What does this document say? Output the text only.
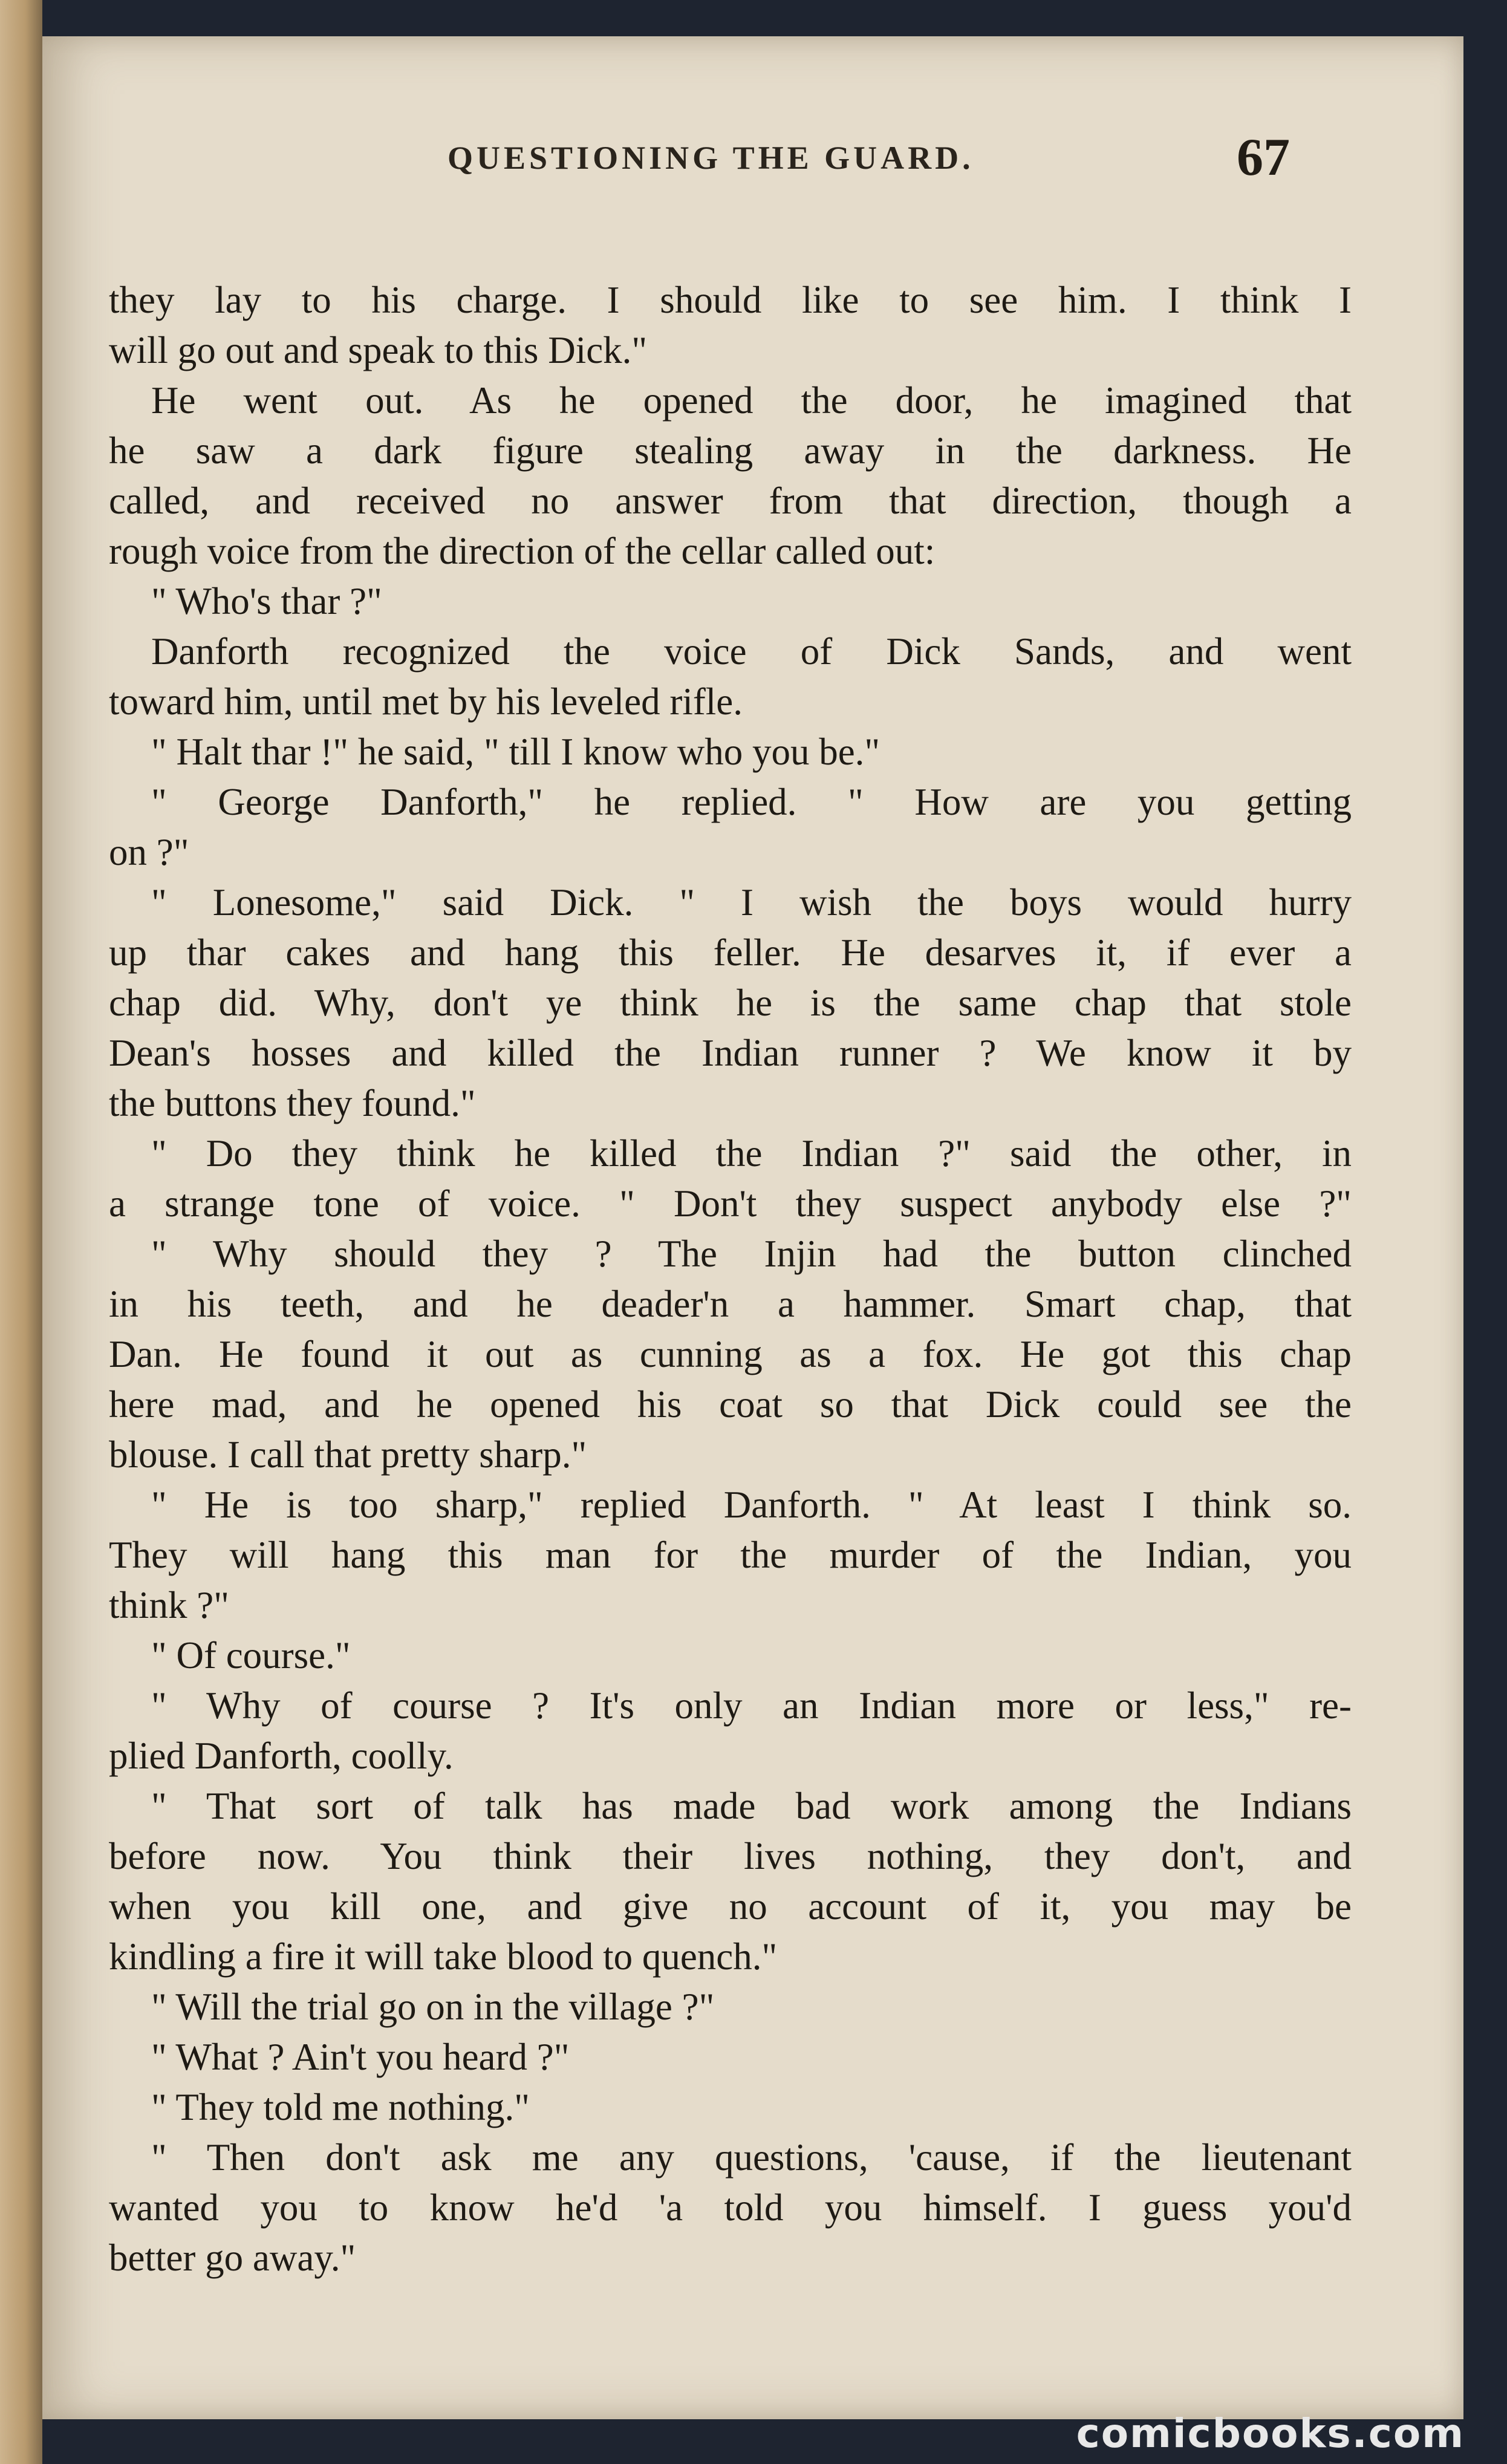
QUESTIONING THE GUARD.	67
they lay to his charge. I should like to see him. I think I
will go out and speak to this Dick."
He went out. As he opened the door, he imagined that
he saw a dark figure stealing away in the darkness. He
called, and received no answer from that direction, though a
rough voice from the direction of the cellar called out:
" Who's thar ?"
Danforth recognized the voice of Dick Sands, and went
toward him, until met by his leveled rifle.
" Halt thar !" he said, " till I know who you be."
" George Danforth," he replied. " How are you getting
on ?"
" Lonesome," said Dick. " I wish the boys would hurry
up thar cakes and hang this feller. He desarves it, if ever a
chap did. Why, don't ye think he is the same chap that stole
Dean's hosses and killed the Indian runner ? We know it by
the buttons they found."
" Do they think he killed the Indian ?" said the other, in
a strange tone of voice. " Don't they suspect anybody else ?"
" Why should they ? The Injin had the button clinched
in his teeth, and he deader'n a hammer. Smart chap, that
Dan. He found it out as cunning as a fox. He got this chap
here mad, and he opened his coat so that Dick could see the
blouse. I call that pretty sharp."
" He is too sharp," replied Danforth. " At least I think so.
They will hang this man for the murder of the Indian, you
think ?"
" Of course."
" Why of course ? It's only an Indian more or less," re-
plied Danforth, coolly.
" That sort of talk has made bad work among the Indians
before now. You think their lives nothing, they don't, and
when you kill one, and give no account of it, you may be
kindling a fire it will take blood to quench."
" Will the trial go on in the village ?"
" What ? Ain't you heard ?"
" They told me nothing."
" Then don't ask me any questions, 'cause, if the lieutenant
wanted you to know he'd 'a told you himself. I guess you'd
better go away."
comicbooks.com
